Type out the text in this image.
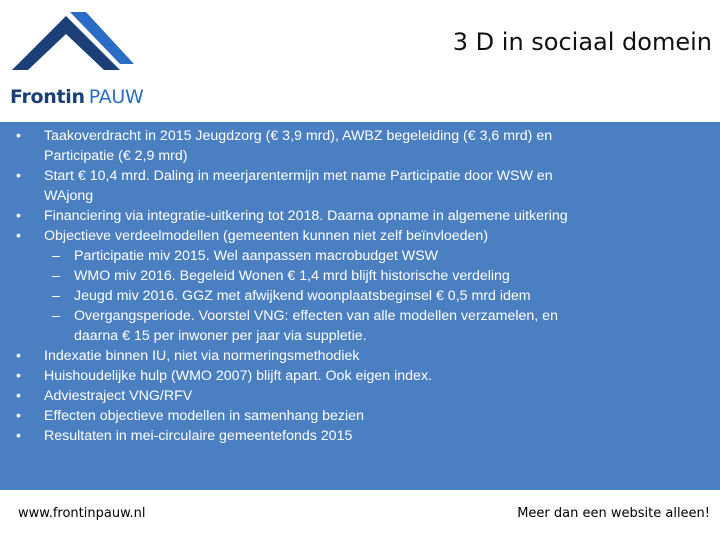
Frontin PAUW
3 D in sociaal domein
• Taakoverdracht in 2015 Jeugdzorg (€ 3,9 mrd), AWBZ begeleiding (€ 3,6 mrd) en
Participatie (€ 2,9 mrd)
• Start € 10,4 mrd. Daling in meerjarentermijn met name Participatie door WSW en
WAjong
• Financiering via integratie-uitkering tot 2018. Daarna opname in algemene uitkering
• Objectieve verdeelmodellen (gemeenten kunnen niet zelf beïnvloeden)
– Participatie miv 2015. Wel aanpassen macrobudget WSW
– WMO miv 2016. Begeleid Wonen € 1,4 mrd blijft historische verdeling
– Jeugd miv 2016. GGZ met afwijkend woonplaatsbeginsel € 0,5 mrd idem
– Overgangsperiode. Voorstel VNG: effecten van alle modellen verzamelen, en
daarna € 15 per inwoner per jaar via suppletie.
• Indexatie binnen IU, niet via normeringsmethodiek
• Huishoudelijke hulp (WMO 2007) blijft apart. Ook eigen index.
• Adviestraject VNG/RFV
• Effecten objectieve modellen in samenhang bezien
• Resultaten in mei-circulaire gemeentefonds 2015
www.frontinpauw.nl	Meer dan een website alleen!
